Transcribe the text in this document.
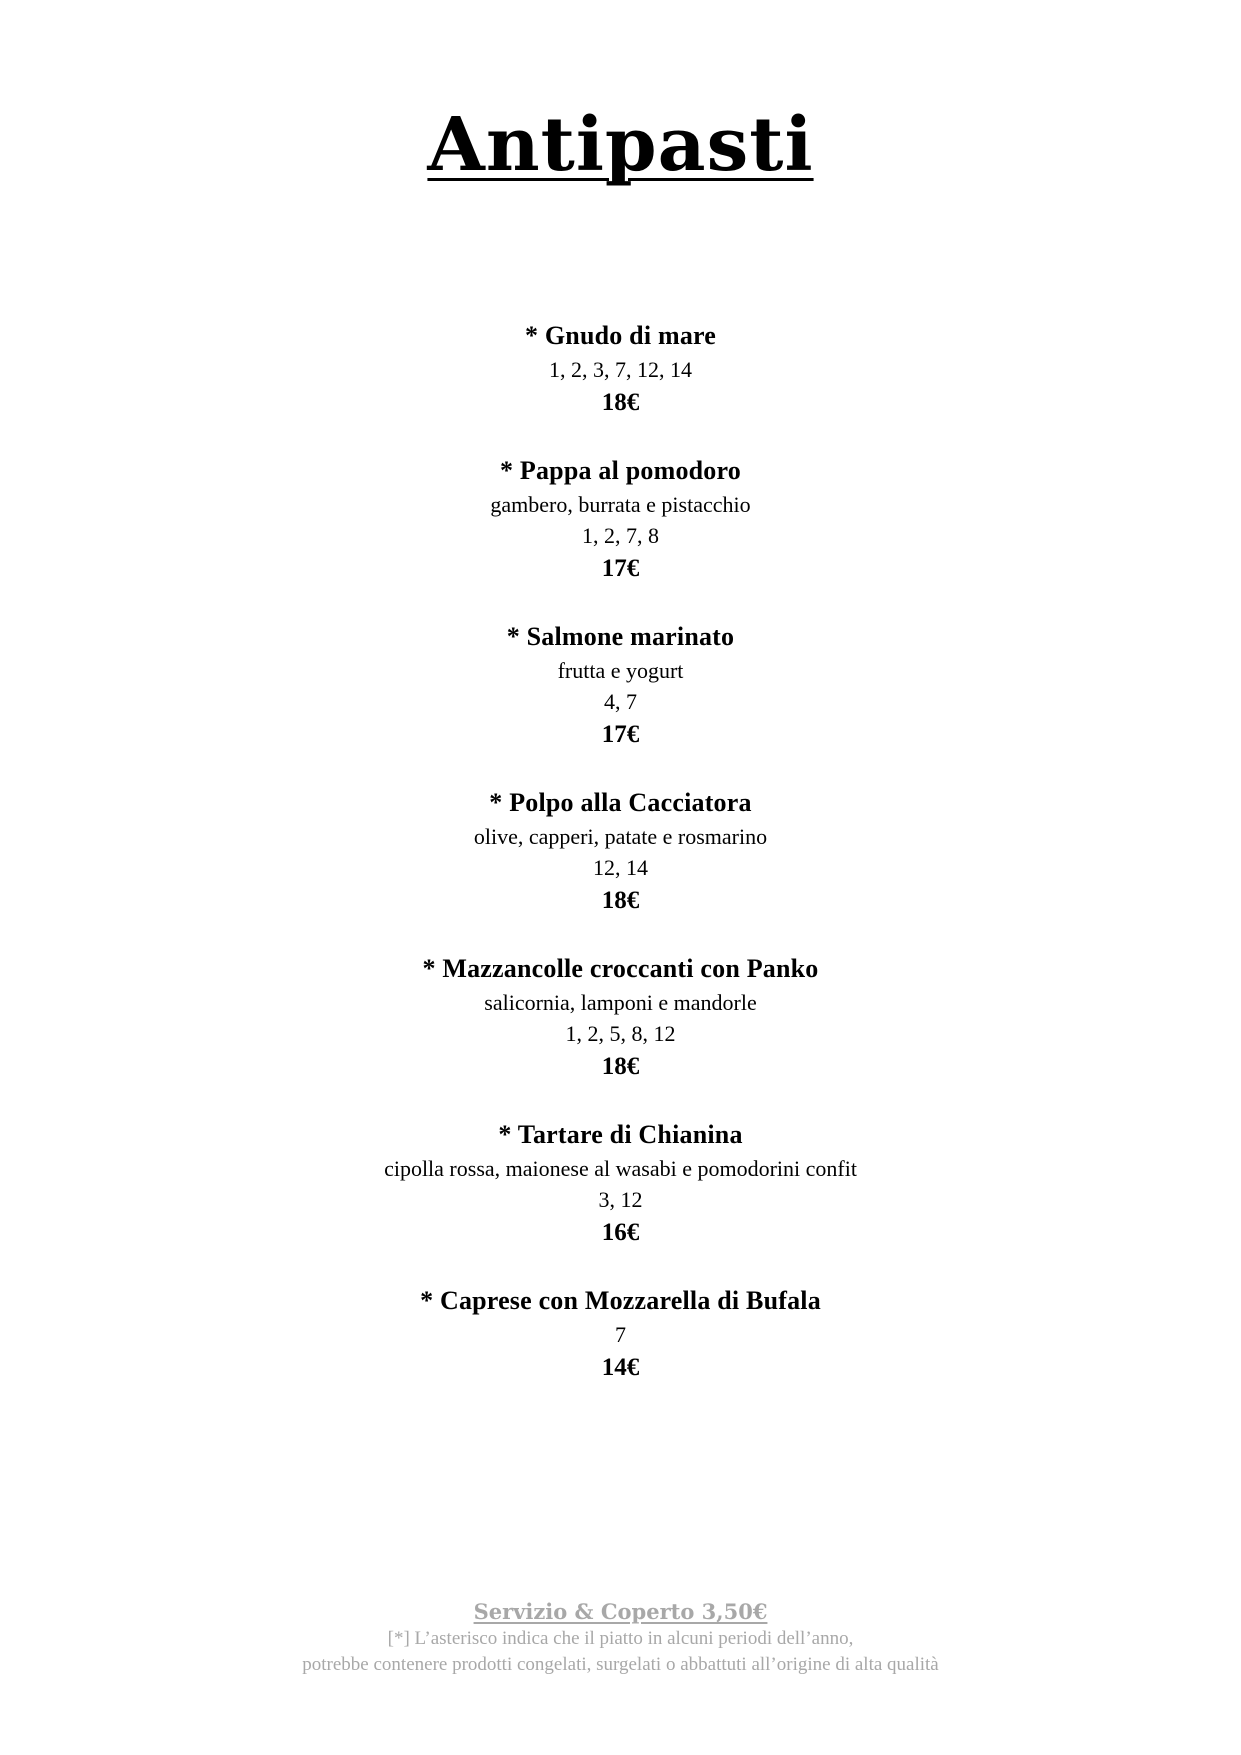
Antipasti
* Gnudo di mare
1, 2, 3, 7, 12, 14
18€
* Pappa al pomodoro
gambero, burrata e pistacchio
1, 2, 7, 8
17€
* Salmone marinato
frutta e yogurt
4, 7
17€
* Polpo alla Cacciatora
olive, capperi, patate e rosmarino
12, 14
18€
* Mazzancolle croccanti con Panko
salicornia, lamponi e mandorle
1, 2, 5, 8, 12
18€
* Tartare di Chianina
cipolla rossa, maionese al wasabi e pomodorini confit
3, 12
16€
* Caprese con Mozzarella di Bufala
7
14€
Servizio & Coperto 3,50€
[*] L’asterisco indica che il piatto in alcuni periodi dell’anno,
potrebbe contenere prodotti congelati, surgelati o abbattuti all’origine di alta qualità
